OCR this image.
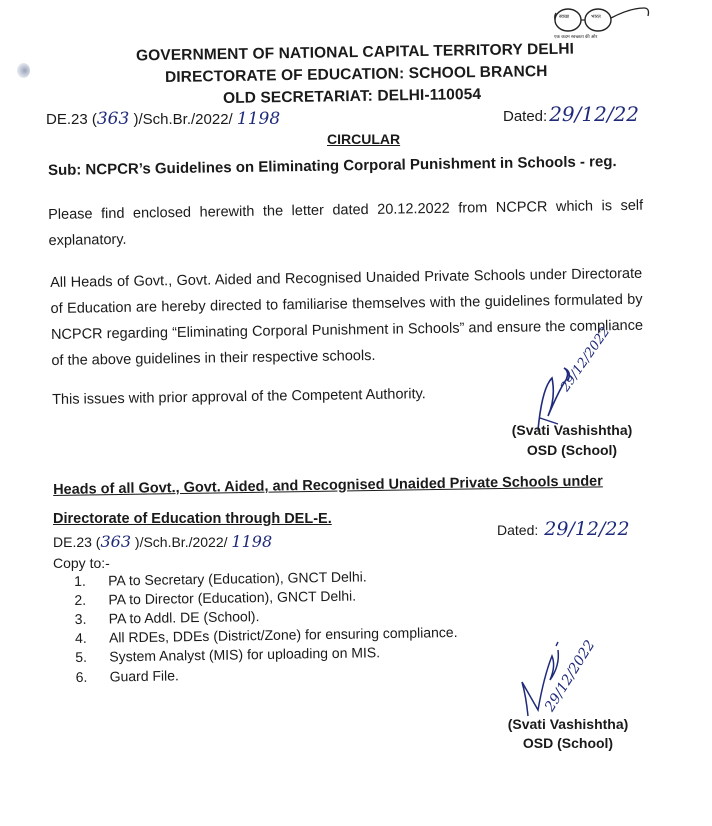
स्वच्छ	भारत
एक कदम स्वच्छता की ओर
GOVERNMENT OF NATIONAL CAPITAL TERRITORY DELHI
DIRECTORATE OF EDUCATION: SCHOOL BRANCH
OLD SECRETARIAT: DELHI-110054
DE.23 (363 )/Sch.Br./2022/ 1198	Dated: 29/12/22
CIRCULAR
Sub: NCPCR’s Guidelines on Eliminating Corporal Punishment in Schools - reg.
Please find enclosed herewith the letter dated 20.12.2022 from NCPCR which is self explanatory.
All Heads of Govt., Govt. Aided and Recognised Unaided Private Schools under Directorate of Education are hereby directed to familiarise themselves with the guidelines formulated by NCPCR regarding “Eliminating Corporal Punishment in Schools” and ensure the compliance of the above guidelines in their respective schools.
This issues with prior approval of the Competent Authority.
29/12/2022
(Svati Vashishtha)
OSD (School)
Heads of all Govt., Govt. Aided, and Recognised Unaided Private Schools under
Directorate of Education through DEL-E.
DE.23 (363 )/Sch.Br./2022/ 1198
Dated: 29/12/22
Copy to:-
1. PA to Secretary (Education), GNCT Delhi.
2. PA to Director (Education), GNCT Delhi.
3. PA to Addl. DE (School).
4. All RDEs, DDEs (District/Zone) for ensuring compliance.
5. System Analyst (MIS) for uploading on MIS.
6. Guard File.	29/12/2022
(Svati Vashishtha)
OSD (School)
